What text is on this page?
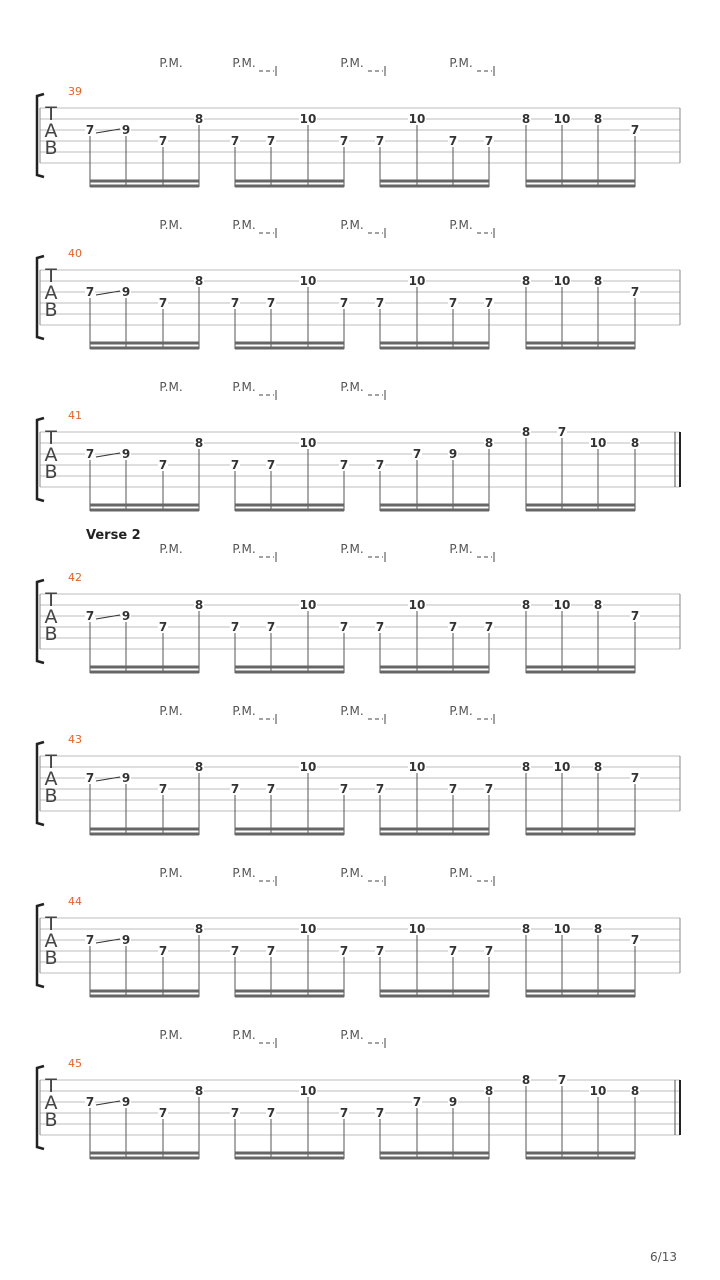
T
A
B
39
P.M.	P.M.	P.M.	P.M.
7 9
7
8
7 7
10
7 7
10
7 7
8 10 8
7
T
A
B
40
P.M.	P.M.	P.M.	P.M.
7 9
7
8
7 7
10
7 7
10
7 7
8 10 8
7
T
A
B
41
P.M.	P.M.	P.M.
7 9
7
8
7 7
10
7 7
7 9
8
8 7
10 8
T
A
B
42
Verse 2
P.M.	P.M.	P.M.	P.M.
7 9
7
8
7 7
10
7 7
10
7 7
8 10 8
7
T
A
B
43
P.M.	P.M.	P.M.	P.M.
7 9
7
8
7 7
10
7 7
10
7 7
8 10 8
7
T
A
B
44
P.M.	P.M.	P.M.	P.M.
7 9
7
8
7 7
10
7 7
10
7 7
8 10 8
7
T
A
B
45
P.M.	P.M.	P.M.
7 9
7
8
7 7
10
7 7
7 9
8
8 7
10 8
6/13
